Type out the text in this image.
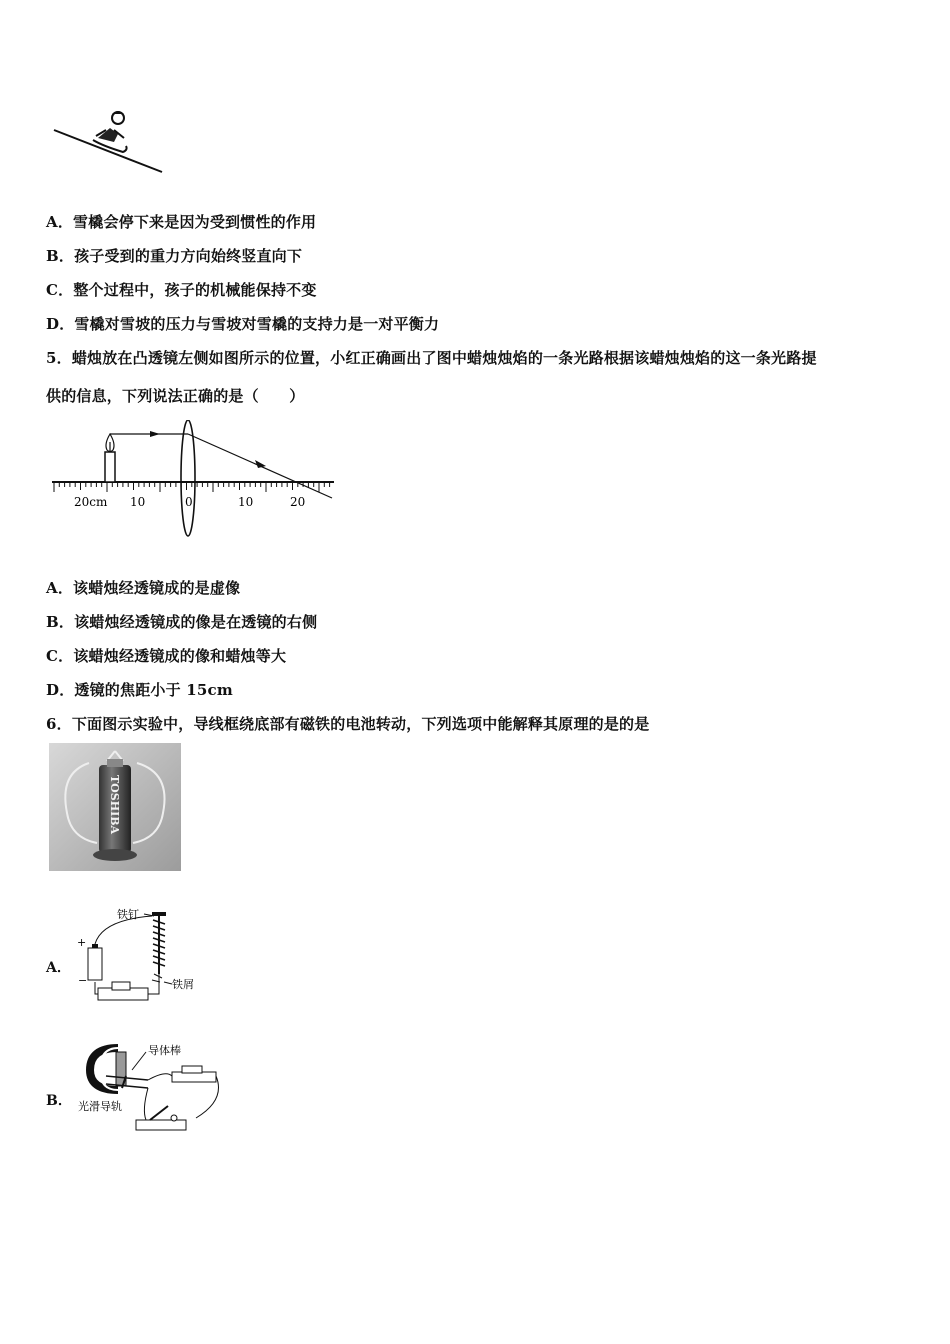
A．雪橇会停下来是因为受到惯性的作用
B．孩子受到的重力方向始终竖直向下
C．整个过程中，孩子的机械能保持不变
D．雪橇对雪坡的压力与雪坡对雪橇的支持力是一对平衡力
5．蜡烛放在凸透镜左侧如图所示的位置，小红正确画出了图中蜡烛烛焰的一条光路根据该蜡烛烛焰的这一条光路提
供的信息，下列说法正确的是（　　）
20cm 10	0	10	20
A．该蜡烛经透镜成的是虚像
B．该蜡烛经透镜成的像是在透镜的右侧
C．该蜡烛经透镜成的像和蜡烛等大
D．透镜的焦距小于 15cm
6．下面图示实验中，导线框绕底部有磁铁的电池转动，下列选项中能解释其原理的是的是
TOSHIBA
A．
铁钉
+
−	铁屑
B．
导体棒
光滑导轨
